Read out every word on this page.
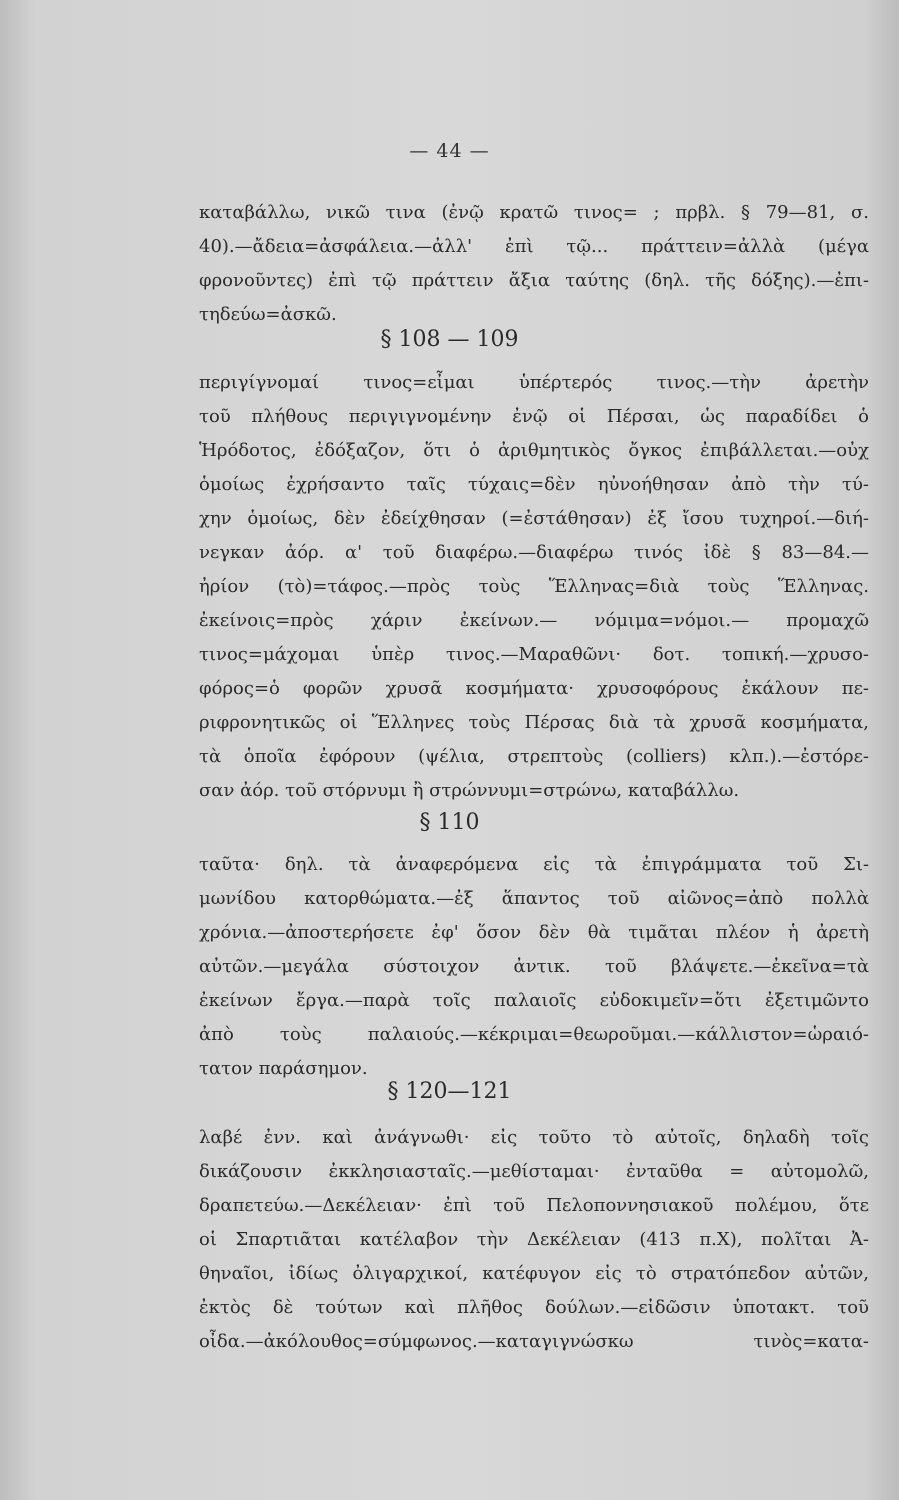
— 44 —
καταβάλλω, νικῶ τινα (ἐνῷ κρατῶ τινος= ; πρβλ. § 79—81, σ.
40).—ἄδεια=ἀσφάλεια.—ἀλλ' ἐπὶ τῷ... πράττειν=ἀλλὰ (μέγα
φρονοῦντες) ἐπὶ τῷ πράττειν ἄξια ταύτης (δηλ. τῆς δόξης).—ἐπι-
τηδεύω=ἀσκῶ.
§ 108 — 109
περιγίγνομαί τινος=εἶμαι ὑπέρτερός τινος.—τὴν ἀρετὴν
τοῦ πλήθους περιγιγνομένην ἐνῷ οἱ Πέρσαι, ὡς παραδίδει ὁ
Ἡρόδοτος, ἐδόξαζον, ὅτι ὁ ἀριθμητικὸς ὄγκος ἐπιβάλλεται.—οὐχ
ὁμοίως ἐχρήσαντο ταῖς τύχαις=δὲν ηὐνοήθησαν ἀπὸ τὴν τύ-
χην ὁμοίως, δὲν ἐδείχθησαν (=ἐστάθησαν) ἐξ ἴσου τυχηροί.—διή-
νεγκαν ἀόρ. α' τοῦ διαφέρω.—διαφέρω τινός ἰδὲ § 83—84.—
ἠρίον (τὸ)=τάφος.—πρὸς τοὺς Ἕλληνας=διὰ τοὺς Ἕλληνας.
ἐκείνοις=πρὸς χάριν ἐκείνων.— νόμιμα=νόμοι.— προμαχῶ
τινος=μάχομαι ὑπὲρ τινος.—Μαραθῶνι· δοτ. τοπική.—χρυσο-
φόρος=ὁ φορῶν χρυσᾶ κοσμήματα· χρυσοφόρους ἐκάλουν πε-
ριφρονητικῶς οἱ Ἕλληνες τοὺς Πέρσας διὰ τὰ χρυσᾶ κοσμήματα,
τὰ ὁποῖα ἐφόρουν (ψέλια, στρεπτοὺς (colliers) κλπ.).—ἐστόρε-
σαν ἀόρ. τοῦ στόρνυμι ἢ στρώννυμι=στρώνω, καταβάλλω.
§ 110
ταῦτα· δηλ. τὰ ἀναφερόμενα εἰς τὰ ἐπιγράμματα τοῦ Σι-
μωνίδου κατορθώματα.—ἐξ ἅπαντος τοῦ αἰῶνος=ἀπὸ πολλὰ
χρόνια.—ἀποστερήσετε ἐφ' ὅσον δὲν θὰ τιμᾶται πλέον ἡ ἀρετὴ
αὐτῶν.—μεγάλα σύστοιχον ἀντικ. τοῦ βλάψετε.—ἐκεῖνα=τὰ
ἐκείνων ἔργα.—παρὰ τοῖς παλαιοῖς εὐδοκιμεῖν=ὅτι ἐξετιμῶντο
ἀπὸ τοὺς παλαιούς.—κέκριμαι=θεωροῦμαι.—κάλλιστον=ὡραιό-
τατον παράσημον.
§ 120—121
λαβέ ἐνν. καὶ ἀνάγνωθι· εἰς τοῦτο τὸ αὐτοῖς, δηλαδὴ τοῖς
δικάζουσιν ἐκκλησιασταῖς.—μεθίσταμαι· ἐνταῦθα = αὐτομολῶ,
δραπετεύω.—Δεκέλειαν· ἐπὶ τοῦ Πελοποννησιακοῦ πολέμου, ὅτε
οἱ Σπαρτιᾶται κατέλαβον τὴν Δεκέλειαν (413 π.Χ), πολῖται Ἀ-
θηναῖοι, ἰδίως ὀλιγαρχικοί, κατέφυγον εἰς τὸ στρατόπεδον αὐτῶν,
ἐκτὸς δὲ τούτων καὶ πλῆθος δούλων.—εἰδῶσιν ὑποτακτ. τοῦ
οἶδα.—ἀκόλουθος=σύμφωνος.—καταγιγνώσκω τινὸς=κατα-
